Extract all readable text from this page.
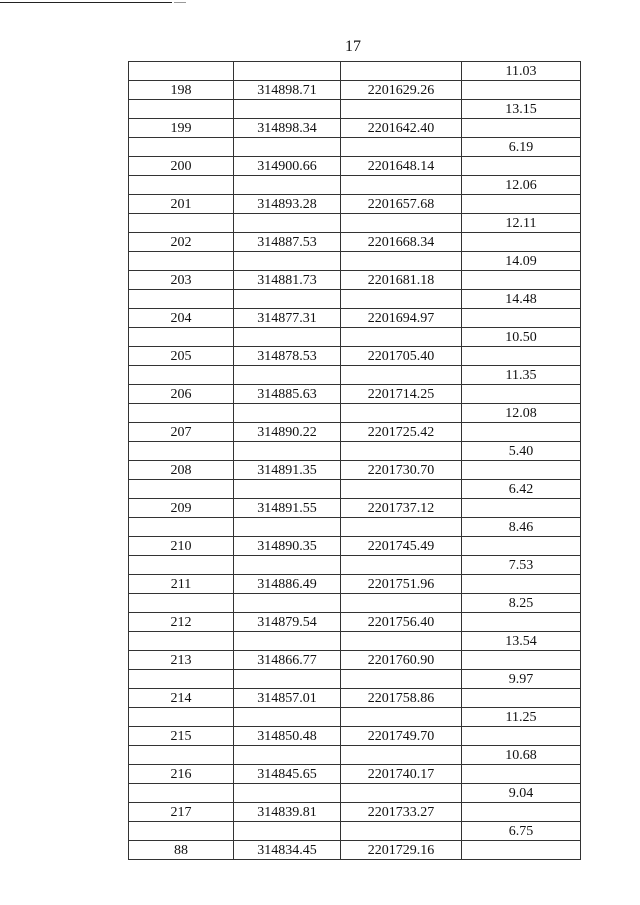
17
			11.03
198	314898.71	2201629.26	
			13.15
199	314898.34	2201642.40	
			6.19
200	314900.66	2201648.14	
			12.06
201	314893.28	2201657.68	
			12.11
202	314887.53	2201668.34	
			14.09
203	314881.73	2201681.18	
			14.48
204	314877.31	2201694.97	
			10.50
205	314878.53	2201705.40	
			11.35
206	314885.63	2201714.25	
			12.08
207	314890.22	2201725.42	
			5.40
208	314891.35	2201730.70	
			6.42
209	314891.55	2201737.12	
			8.46
210	314890.35	2201745.49	
			7.53
211	314886.49	2201751.96	
			8.25
212	314879.54	2201756.40	
			13.54
213	314866.77	2201760.90	
			9.97
214	314857.01	2201758.86	
			11.25
215	314850.48	2201749.70	
			10.68
216	314845.65	2201740.17	
			9.04
217	314839.81	2201733.27	
			6.75
88	314834.45	2201729.16	
